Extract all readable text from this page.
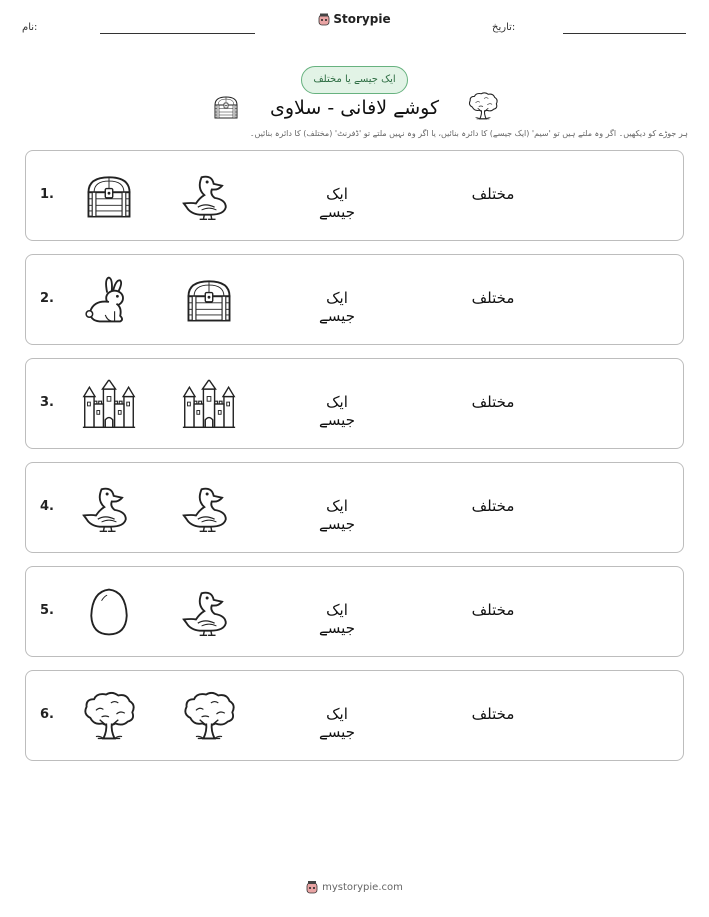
نام:
Storypie
تاریخ:
ایک جیسے یا مختلف
کوشے لافانی - سلاوی
ہر جوڑے کو دیکھیں۔ اگر وہ ملتے ہیں تو 'سیم' (ایک جیسے) کا دائرہ بنائیں، یا اگر وہ نہیں ملتے تو 'ڈفرنٹ' (مختلف) کا دائرہ بنائیں۔
1.	ایک جیسے
مختلف
2.	ایک جیسے
مختلف
3.	ایک جیسے
مختلف
4.	ایک جیسے
مختلف
5.	ایک جیسے
مختلف
6.	ایک جیسے
مختلف
mystorypie.com
